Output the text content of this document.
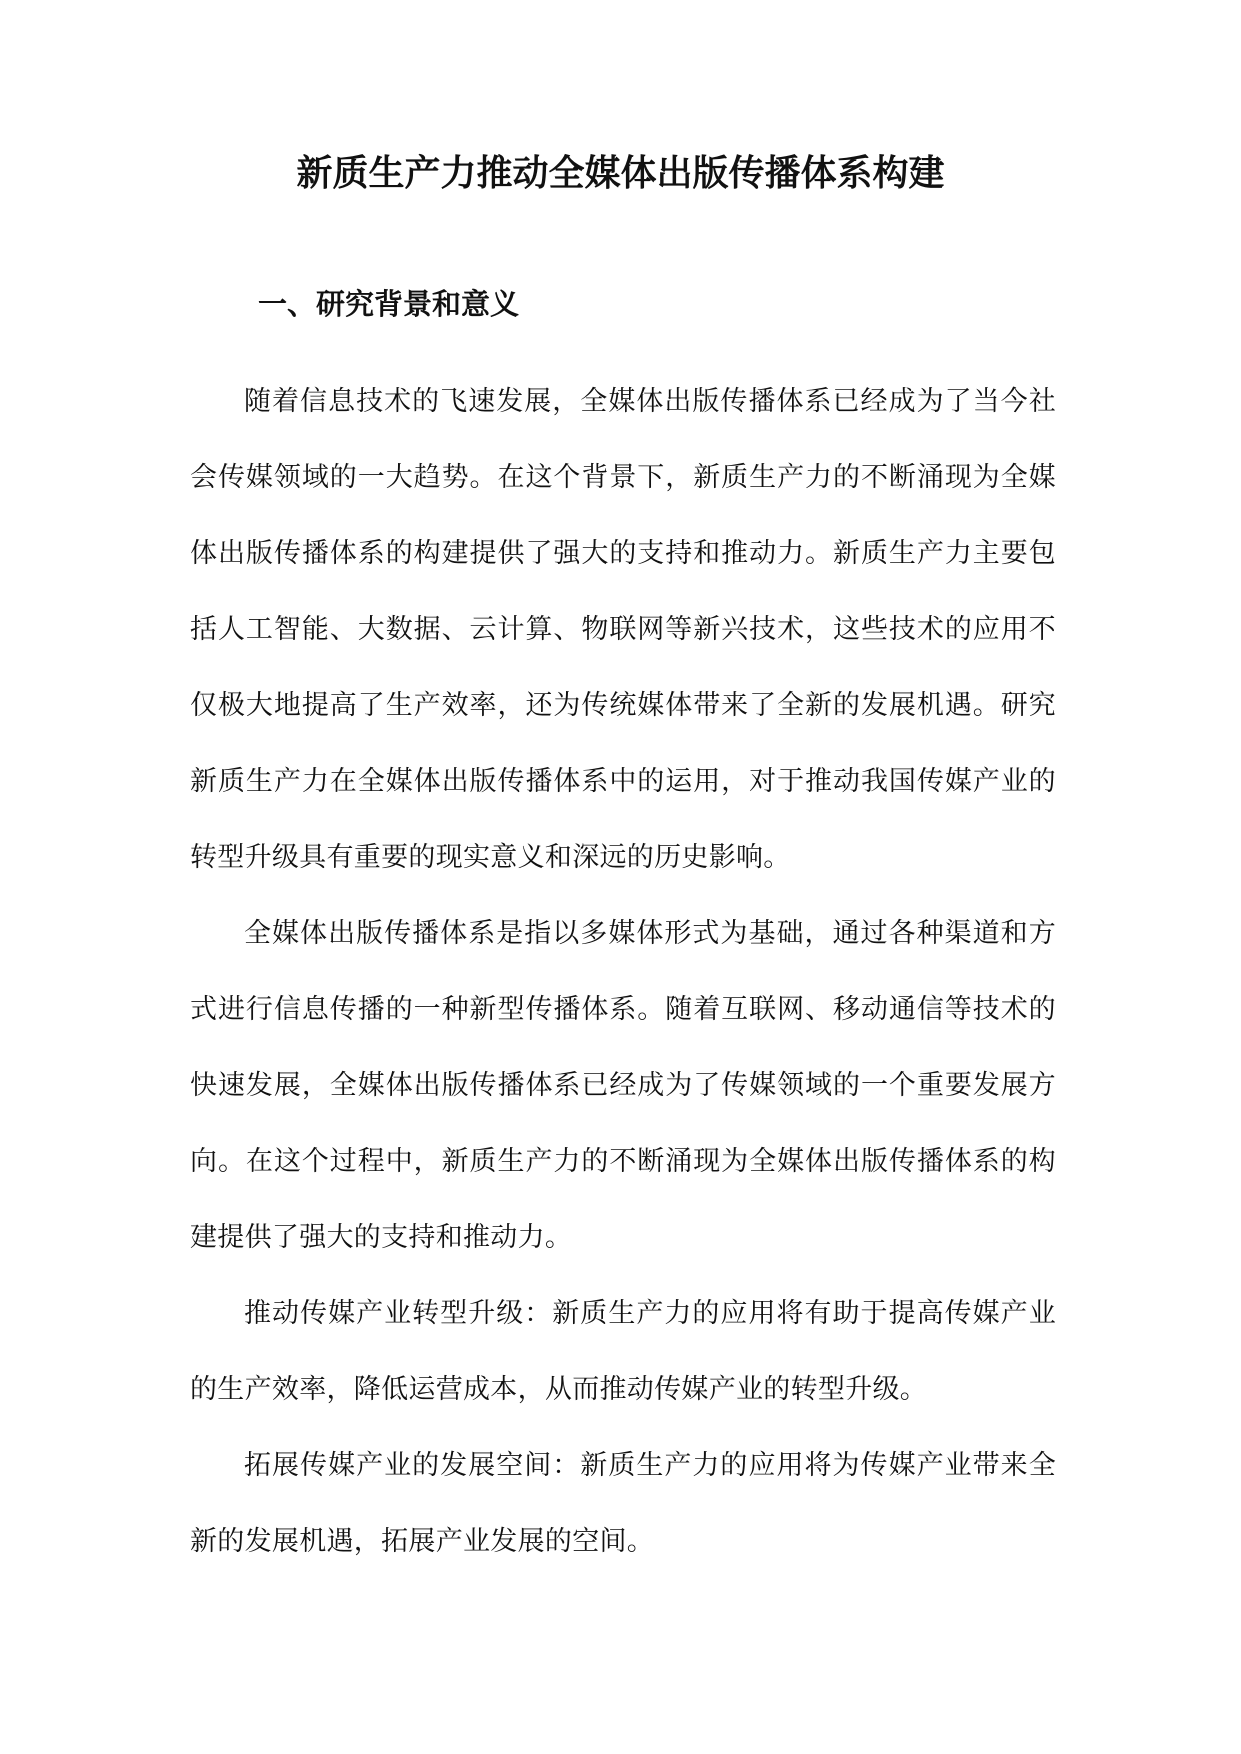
新质生产力推动全媒体出版传播体系构建
一、研究背景和意义

随着信息技术的飞速发展，全媒体出版传播体系已经成为了当今社会传媒领域的一大趋势。在这个背景下，新质生产力的不断涌现为全媒体出版传播体系的构建提供了强大的支持和推动力。新质生产力主要包括人工智能、大数据、云计算、物联网等新兴技术，这些技术的应用不仅极大地提高了生产效率，还为传统媒体带来了全新的发展机遇。研究新质生产力在全媒体出版传播体系中的运用，对于推动我国传媒产业的转型升级具有重要的现实意义和深远的历史影响。

全媒体出版传播体系是指以多媒体形式为基础，通过各种渠道和方式进行信息传播的一种新型传播体系。随着互联网、移动通信等技术的快速发展，全媒体出版传播体系已经成为了传媒领域的一个重要发展方向。在这个过程中，新质生产力的不断涌现为全媒体出版传播体系的构建提供了强大的支持和推动力。

推动传媒产业转型升级：新质生产力的应用将有助于提高传媒产业的生产效率，降低运营成本，从而推动传媒产业的转型升级。

拓展传媒产业的发展空间：新质生产力的应用将为传媒产业带来全新的发展机遇，拓展产业发展的空间。
